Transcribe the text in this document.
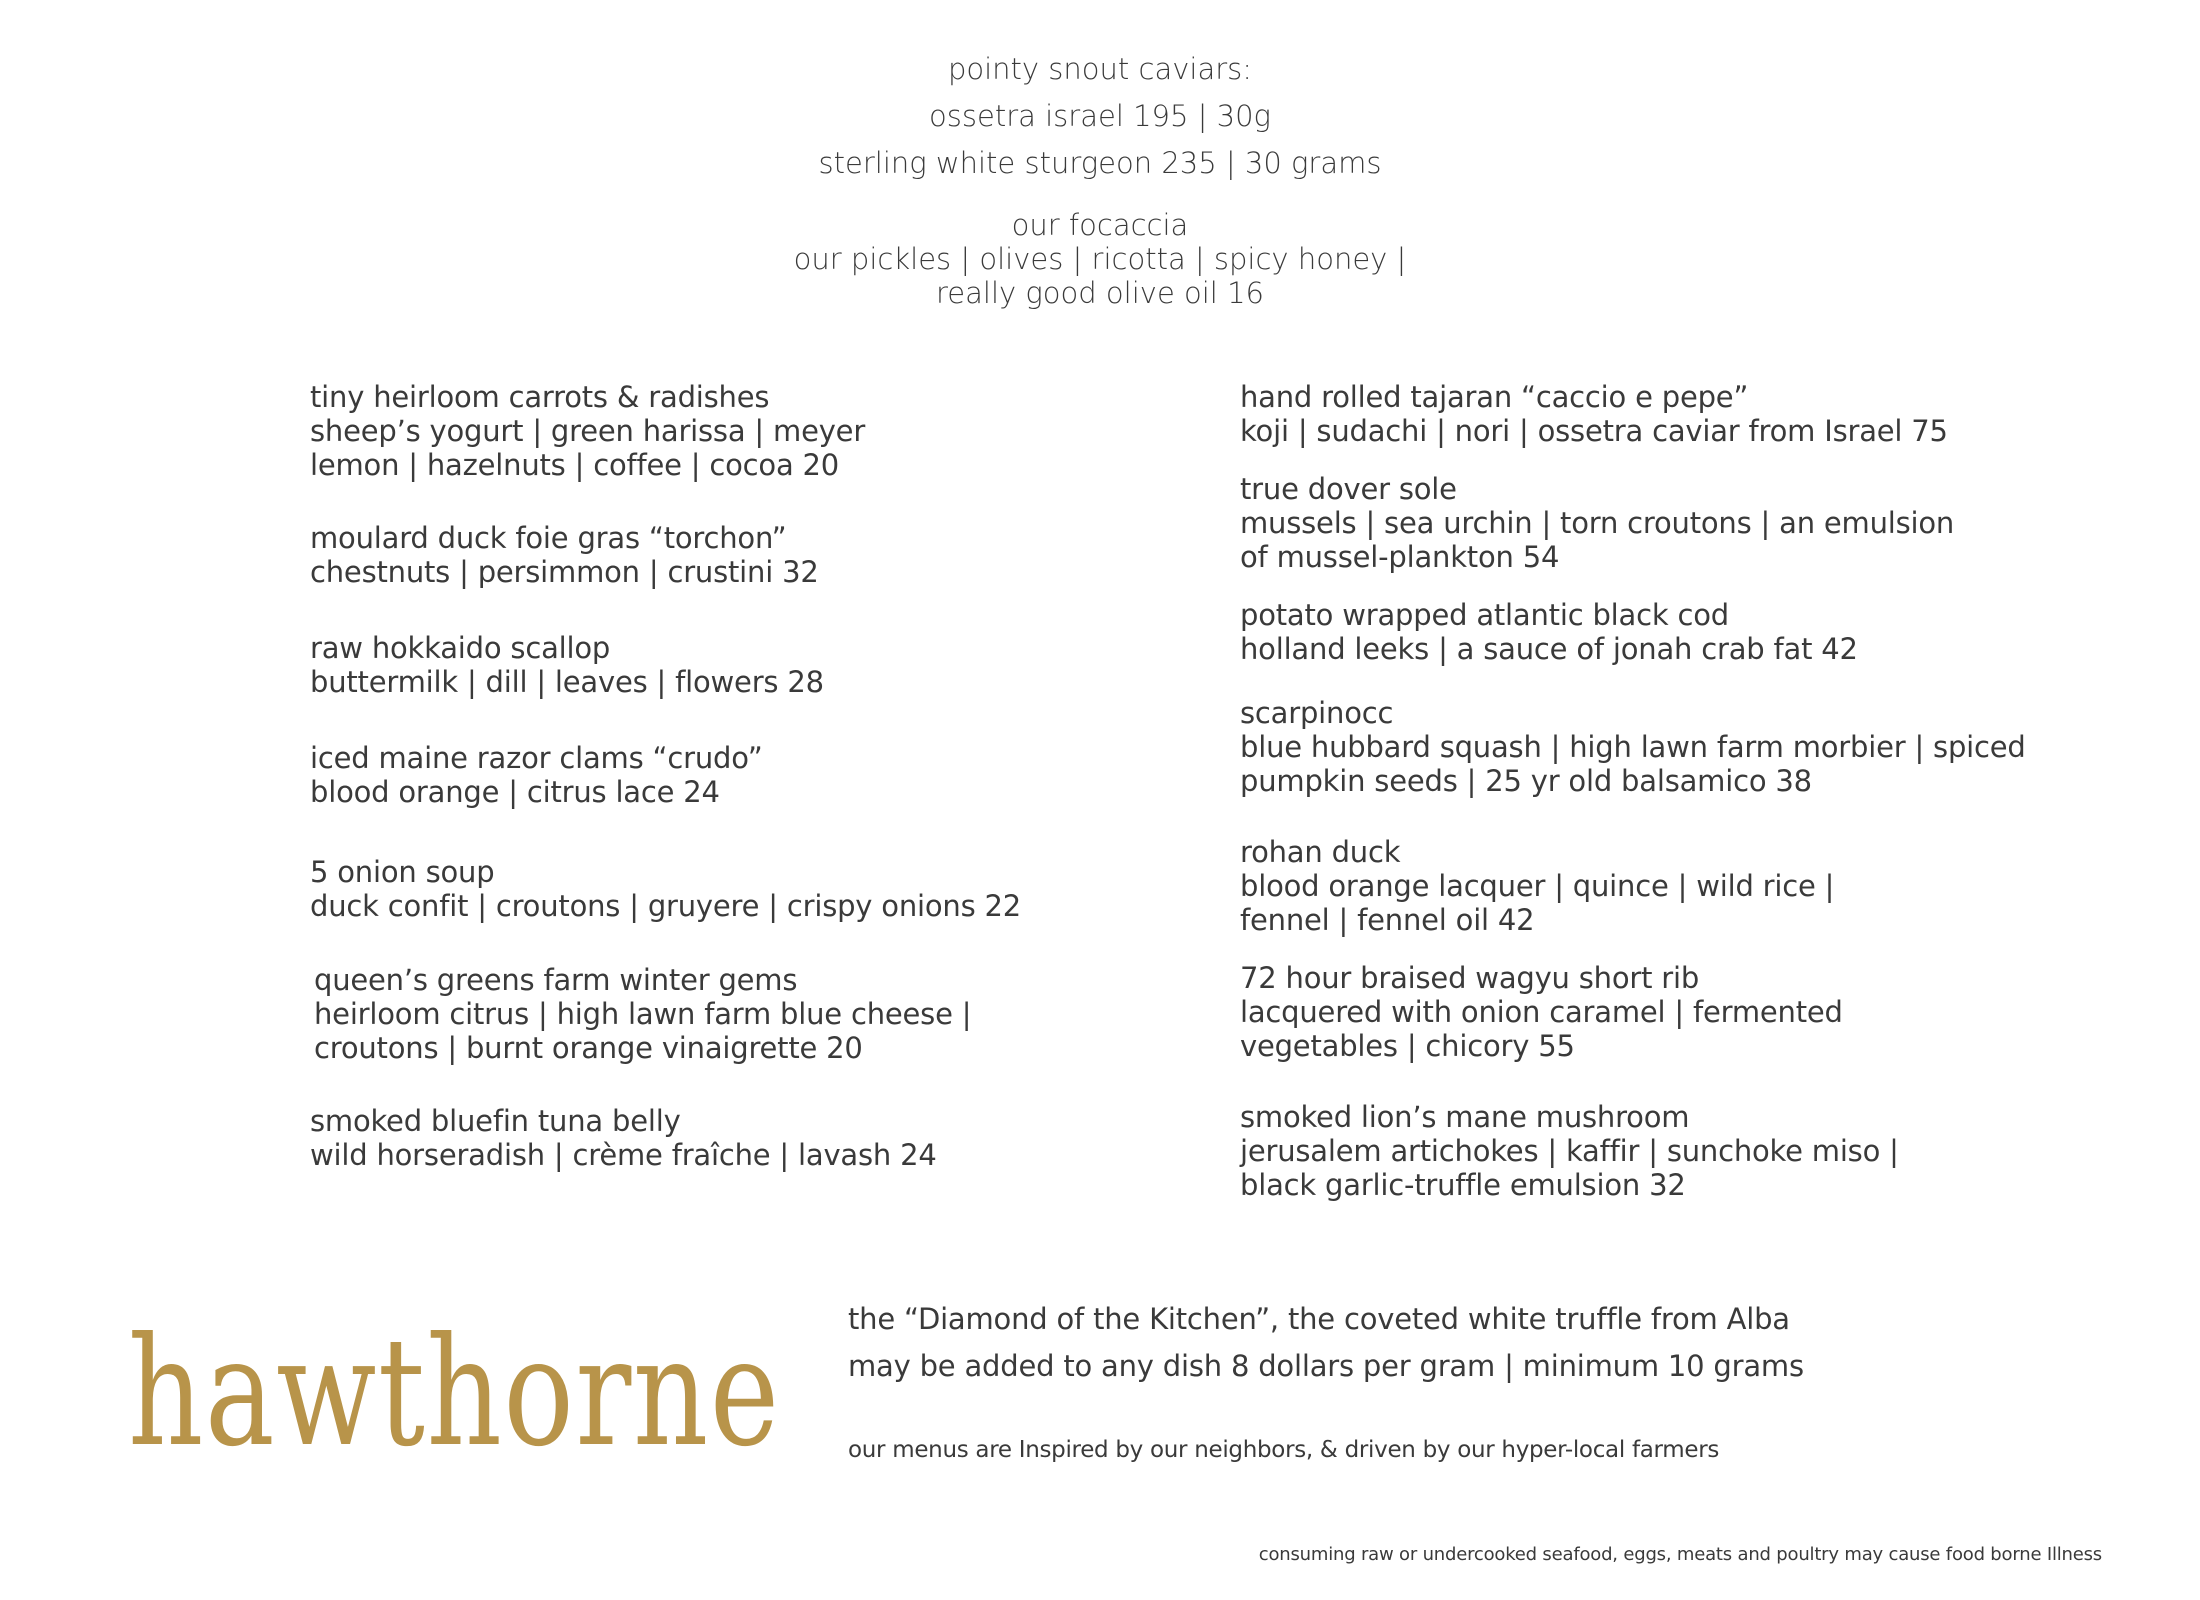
pointy snout caviars:
ossetra israel 195 | 30g
sterling white sturgeon 235 | 30 grams
our focaccia
our pickles | olives | ricotta | spicy honey |
really good olive oil 16
tiny heirloom carrots & radishes
sheep’s yogurt | green harissa | meyer
lemon | hazelnuts | coffee | cocoa 20
moulard duck foie gras “torchon”
chestnuts | persimmon | crustini 32
raw hokkaido scallop
buttermilk | dill | leaves | flowers 28
iced maine razor clams “crudo”
blood orange | citrus lace 24
5 onion soup
duck confit | croutons | gruyere | crispy onions 22
queen’s greens farm winter gems
heirloom citrus | high lawn farm blue cheese |
croutons | burnt orange vinaigrette 20
smoked bluefin tuna belly
wild horseradish | crème fraîche | lavash 24
hand rolled tajaran “caccio e pepe”
koji | sudachi | nori | ossetra caviar from Israel 75
true dover sole
mussels | sea urchin | torn croutons | an emulsion
of mussel-plankton 54
potato wrapped atlantic black cod
holland leeks | a sauce of jonah crab fat 42
scarpinocc
blue hubbard squash | high lawn farm morbier | spiced
pumpkin seeds | 25 yr old balsamico 38
rohan duck
blood orange lacquer | quince | wild rice |
fennel | fennel oil 42
72 hour braised wagyu short rib
lacquered with onion caramel | fermented
vegetables | chicory 55
smoked lion’s mane mushroom
jerusalem artichokes | kaffir | sunchoke miso |
black garlic-truffle emulsion 32
hawthorne the “Diamond of the Kitchen”, the coveted white truffle from Alba
may be added to any dish 8 dollars per gram | minimum 10 grams
our menus are Inspired by our neighbors, & driven by our hyper-local farmers
consuming raw or undercooked seafood, eggs, meats and poultry may cause food borne Illness
